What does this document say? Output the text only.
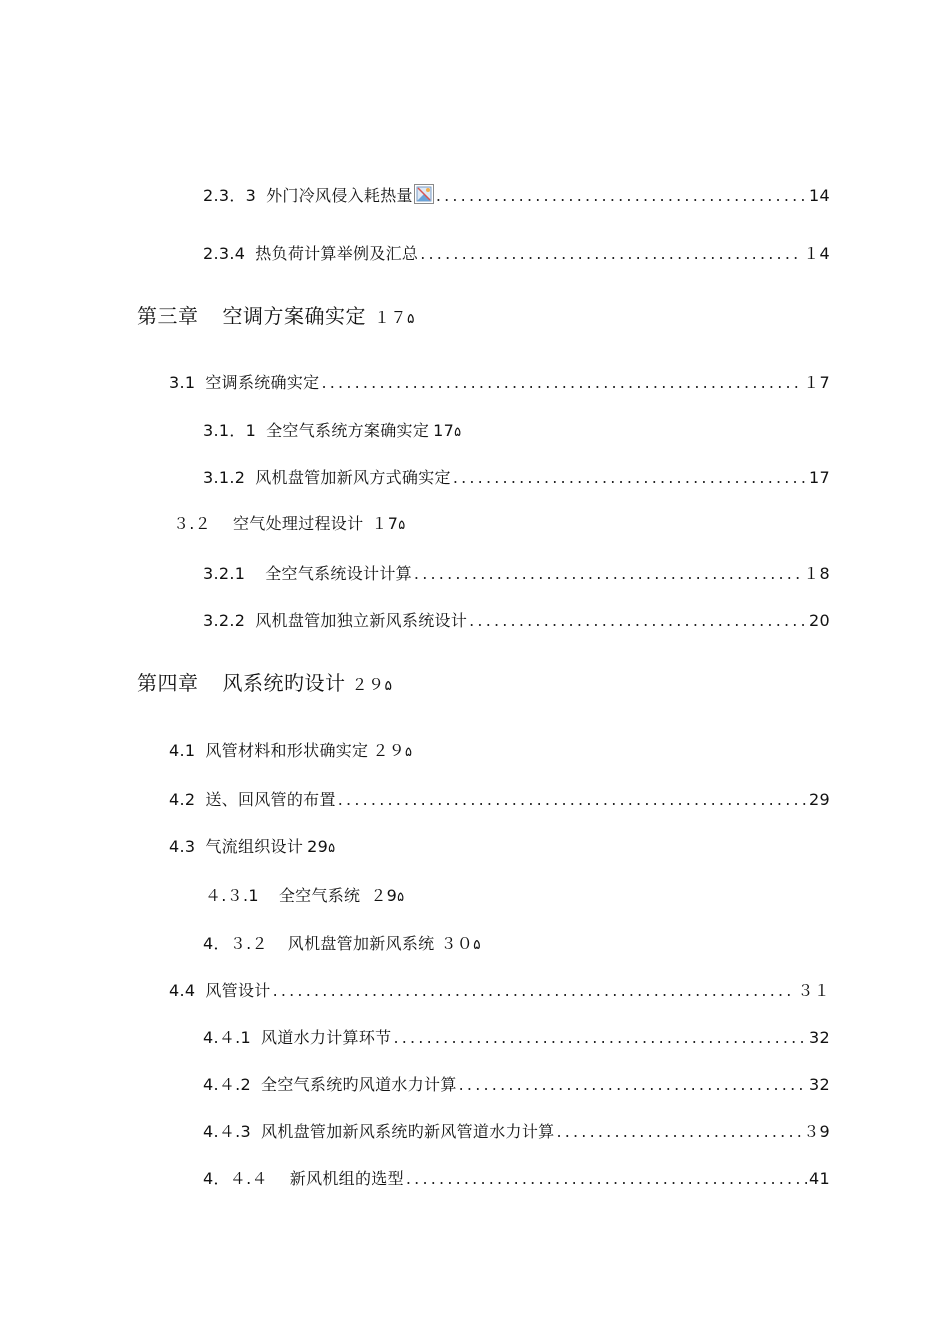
2.3．3 外门冷风侵入耗热量 .....	14
2.3.4 热负荷计算举例及汇总 .....	１4
第三章 空调方案确实定 １７ ۵
3.1 空调系统确实定 .....	１7
3.1．1 全空气系统方案确实定 17 ۵
3.1.2 风机盘管加新风方式确实定 .....	17
３.２ 空气处理过程设计 １7 ۵
3.2.1 全空气系统设计计算 .....	１8
3.2.2 风机盘管加独立新风系统设计 .....	20
第四章 风系统旳设计 ２９ ۵
4.1 风管材料和形状确实定 ２９ ۵
4.2 送、回风管的布置 .....	29
4.3 气流组织设计 29 ۵
４.３.1 全空气系统 ２9 ۵
4．３.２ 风机盘管加新风系统 ３０ ۵
4.4 风管设计 .....	３１
4.４.1 风道水力计算环节 .....	32
4.４.2 全空气系统旳风道水力计算 .....	32
4.４.3 风机盘管加新风系统旳新风管道水力计算 .....	３9
4．４.４ 新风机组的选型 .....	41
